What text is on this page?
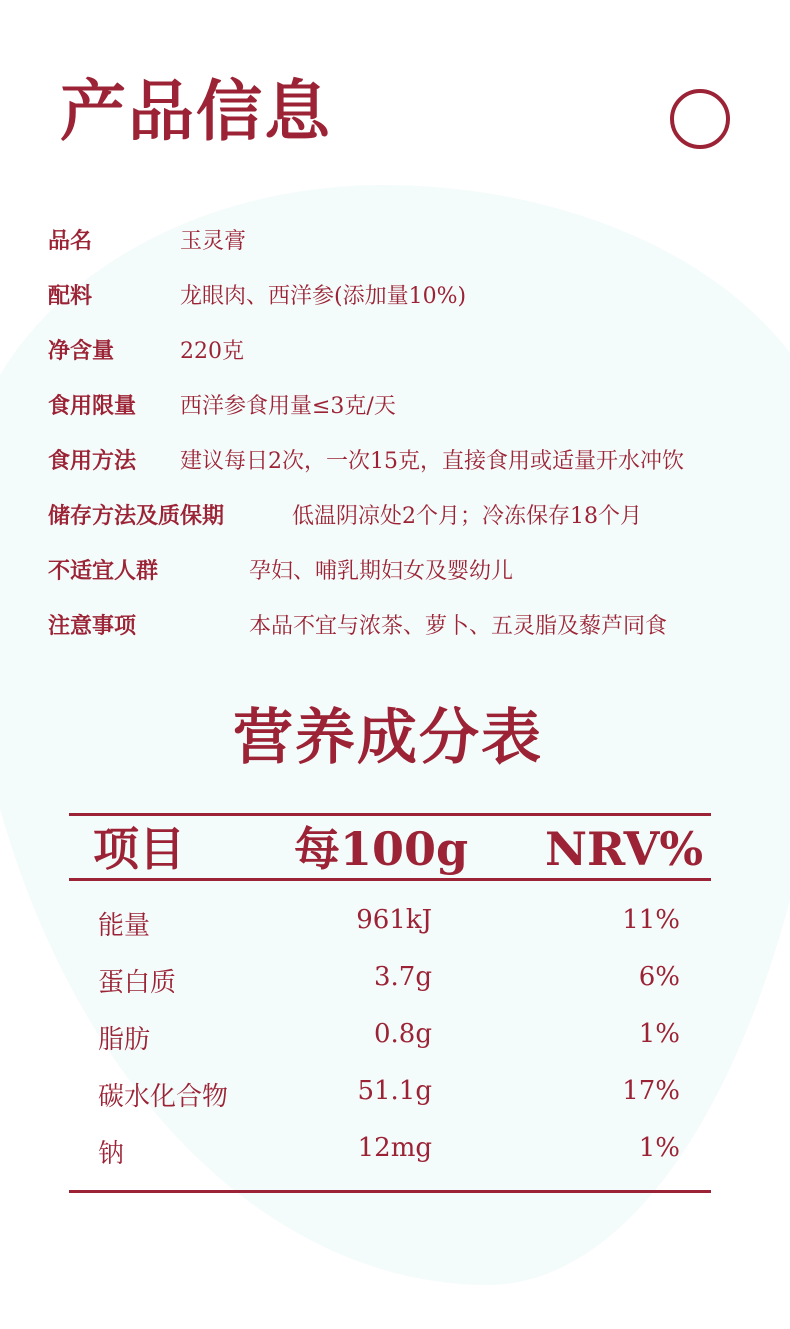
产品信息
品名	玉灵膏
配料	龙眼肉、西洋参(添加量10%)
净含量	220克
食用限量 西洋参食用量≤3克/天
食用方法 建议每日2次，一次15克，直接食用或适量开水冲饮
储存方法及质保期	低温阴凉处2个月；冷冻保存18个月
不适宜人群	孕妇、哺乳期妇女及婴幼儿
注意事项	本品不宜与浓茶、萝卜、五灵脂及藜芦同食
营养成分表
项目 每100g NRV%
能量	961kJ	11%
蛋白质	3.7g	6%
脂肪	0.8g	1%
碳水化合物	51.1g	17%
钠	12mg	1%
